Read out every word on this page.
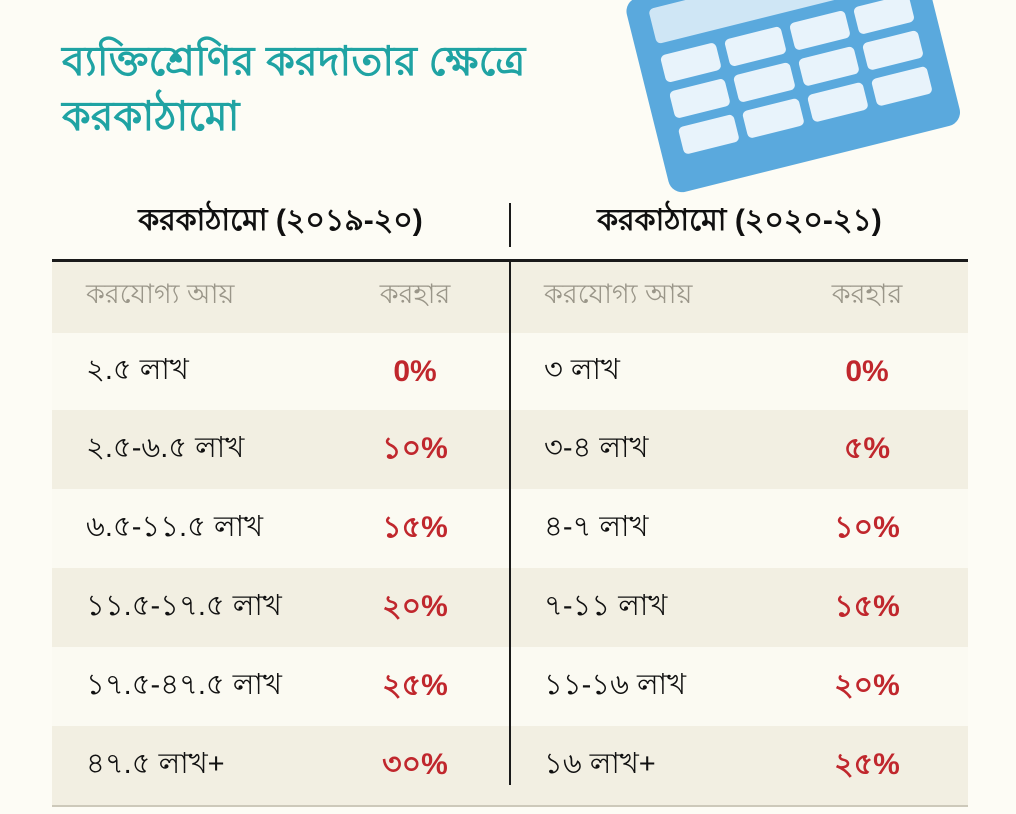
ব্যক্তিশ্রেণির করদাতার ক্ষেত্রে করকাঠামো
করকাঠামো (২০১৯-২০)	করকাঠামো (২০২০-২১)
করযোগ্য আয়	করহার	করযোগ্য আয়	করহার
২.৫ লাখ	0%	৩ লাখ	0%
২.৫-৬.৫ লাখ	১০%	৩-৪ লাখ	৫%
৬.৫-১১.৫ লাখ	১৫%	৪-৭ লাখ	১০%
১১.৫-১৭.৫ লাখ	২০%	৭-১১ লাখ	১৫%
১৭.৫-৪৭.৫ লাখ	২৫%	১১-১৬ লাখ	২০%
৪৭.৫ লাখ+	৩০%	১৬ লাখ+	২৫%
